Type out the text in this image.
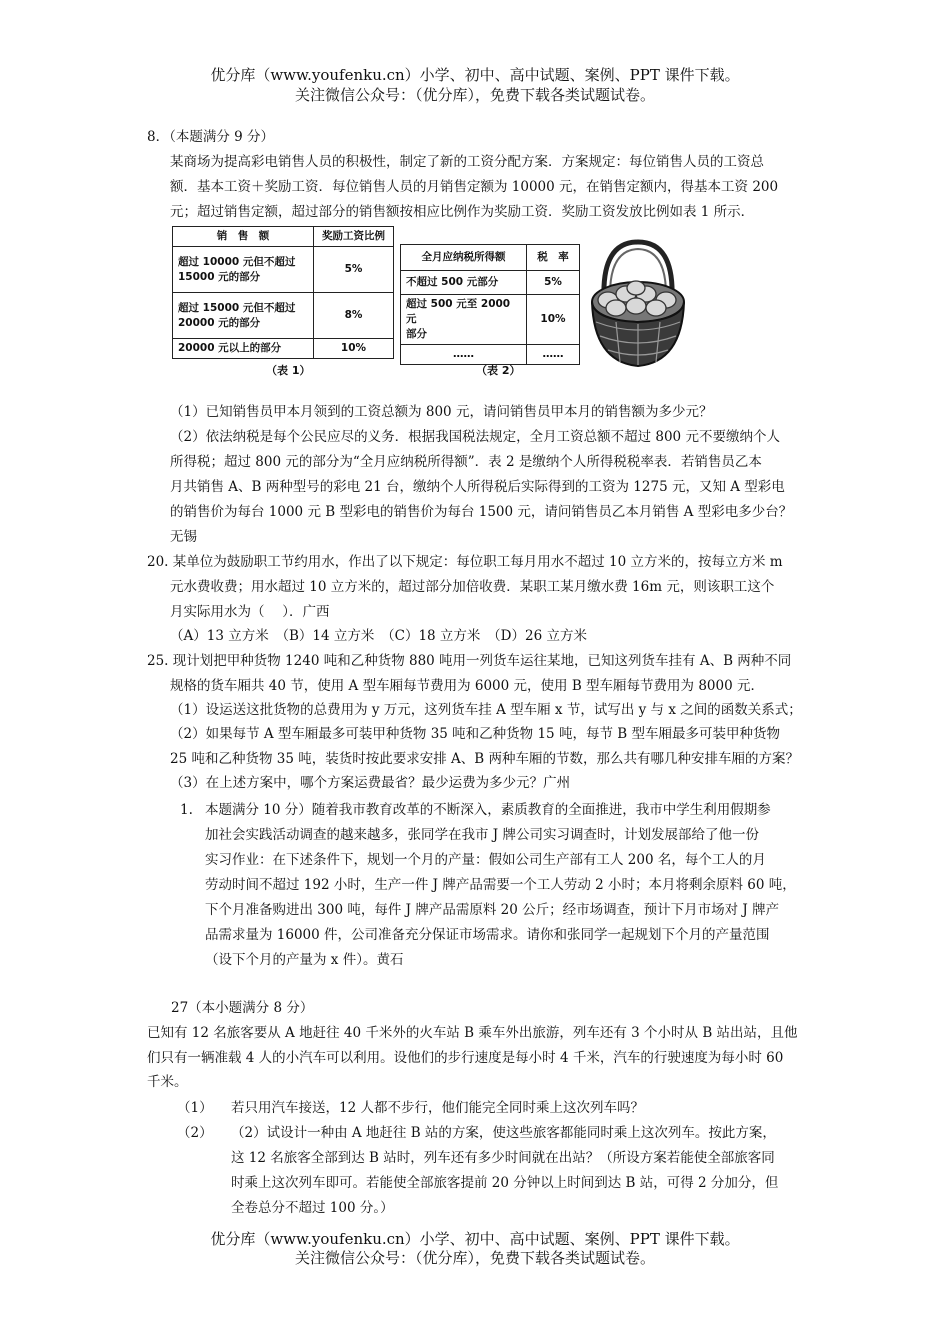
优分库（www.youfenku.cn）小学、初中、高中试题、案例、PPT 课件下载。
关注微信公众号：（优分库），免费下载各类试题试卷。
8．（本题满分 9 分）
某商场为提高彩电销售人员的积极性，制定了新的工资分配方案．方案规定：每位销售人员的工资总
额．基本工资＋奖励工资．每位销售人员的月销售定额为 10000 元，在销售定额内，得基本工资 200
元；超过销售定额，超过部分的销售额按相应比例作为奖励工资．奖励工资发放比例如表 1 所示．
销　售　额	奖励工资比例
超过 10000 元但不超过
15000 元的部分	5%
超过 15000 元但不超过
20000 元的部分	8%
20000 元以上的部分	10%
（表 1）
全月应纳税所得额	税　率
不超过 500 元部分	5%
超过 500 元至 2000 元
部分	10%
……	……
（表 2）
（1）已知销售员甲本月领到的工资总额为 800 元，请问销售员甲本月的销售额为多少元？
（2）依法纳税是每个公民应尽的义务．根据我国税法规定，全月工资总额不超过 800 元不要缴纳个人
所得税；超过 800 元的部分为“全月应纳税所得额”．表 2 是缴纳个人所得税税率表．若销售员乙本
月共销售 A、B 两种型号的彩电 21 台，缴纳个人所得税后实际得到的工资为 1275 元，又知 A 型彩电
的销售价为每台 1000 元 B 型彩电的销售价为每台 1500 元，请问销售员乙本月销售 A 型彩电多少台？
无锡
20. 某单位为鼓励职工节约用水，作出了以下规定：每位职工每月用水不超过 10 立方米的，按每立方米 m
元水费收费；用水超过 10 立方米的，超过部分加倍收费．某职工某月缴水费 16m 元，则该职工这个
月实际用水为（　 ）．广西
（A）13 立方米　（B）14 立方米　（C）18 立方米　（D）26 立方米
25. 现计划把甲种货物 1240 吨和乙种货物 880 吨用一列货车运往某地，已知这列货车挂有 A、B 两种不同
规格的货车厢共 40 节，使用 A 型车厢每节费用为 6000 元，使用 B 型车厢每节费用为 8000 元．
（1）设运送这批货物的总费用为 y 万元，这列货车挂 A 型车厢 x 节，试写出 y 与 x 之间的函数关系式；
（2）如果每节 A 型车厢最多可装甲种货物 35 吨和乙种货物 15 吨，每节 B 型车厢最多可装甲种货物
25 吨和乙种货物 35 吨，装货时按此要求安排 A、B 两种车厢的节数，那么共有哪几种安排车厢的方案？
（3）在上述方案中，哪个方案运费最省？最少运费为多少元？广州
1. 本题满分 10 分）随着我市教育改革的不断深入，素质教育的全面推进，我市中学生利用假期参
加社会实践活动调查的越来越多，张同学在我市 J 牌公司实习调查时，计划发展部给了他一份
实习作业：在下述条件下，规划一个月的产量：假如公司生产部有工人 200 名，每个工人的月
劳动时间不超过 192 小时，生产一件 J 牌产品需要一个工人劳动 2 小时；本月将剩余原料 60 吨，
下个月准备购进出 300 吨，每件 J 牌产品需原料 20 公斤；经市场调查，预计下月市场对 J 牌产
品需求量为 16000 件，公司准备充分保证市场需求。请你和张同学一起规划下个月的产量范围
（设下个月的产量为 x 件）。黄石
27（本小题满分 8 分）
已知有 12 名旅客要从 A 地赶往 40 千米外的火车站 B 乘车外出旅游，列车还有 3 个小时从 B 站出站，且他
们只有一辆准载 4 人的小汽车可以利用。设他们的步行速度是每小时 4 千米，汽车的行驶速度为每小时 60
千米。
（1） 若只用汽车接送，12 人都不步行，他们能完全同时乘上这次列车吗？
（2） （2）试设计一种由 A 地赶往 B 站的方案，使这些旅客都能同时乘上这次列车。按此方案，
这 12 名旅客全部到达 B 站时，列车还有多少时间就在出站？（所设方案若能使全部旅客同
时乘上这次列车即可。若能使全部旅客提前 20 分钟以上时间到达 B 站，可得 2 分加分，但
全卷总分不超过 100 分。）
优分库（www.youfenku.cn）小学、初中、高中试题、案例、PPT 课件下载。
关注微信公众号：（优分库），免费下载各类试题试卷。
